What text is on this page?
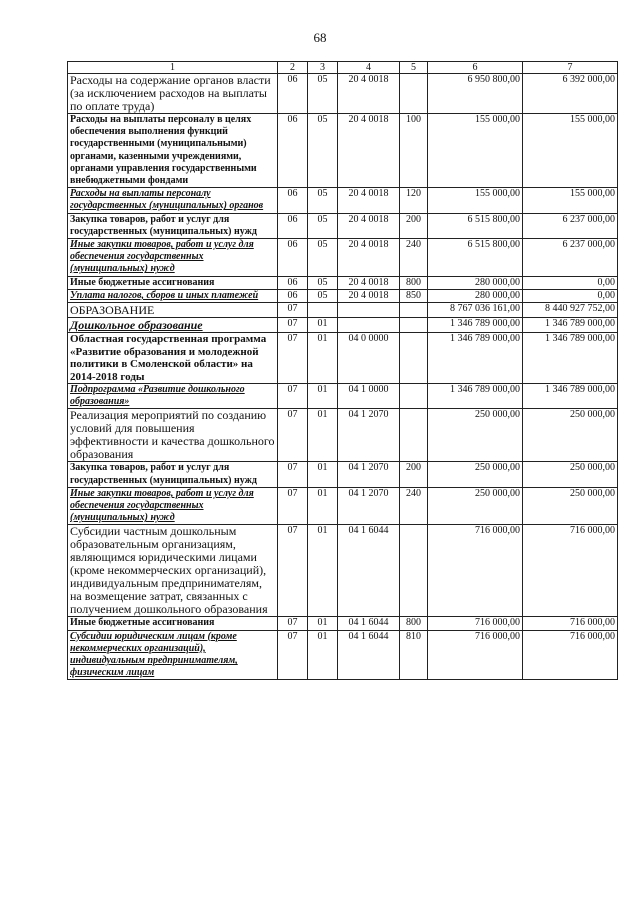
68
1	2	3	4	5	6	7
Расходы на содержание органов власти (за исключением расходов на выплаты по оплате труда)	06	05	20 4 0018		6 950 800,00	6 392 000,00
Расходы на выплаты персоналу в целях обеспечения выполнения функций государственными (муниципальными) органами, казенными учреждениями, органами управления государственными внебюджетными фондами	06	05	20 4 0018	100	155 000,00	155 000,00
Расходы на выплаты персоналу государственных (муниципальных) органов	06	05	20 4 0018	120	155 000,00	155 000,00
Закупка товаров, работ и услуг для государственных (муниципальных) нужд	06	05	20 4 0018	200	6 515 800,00	6 237 000,00
Иные закупки товаров, работ и услуг для обеспечения государственных (муниципальных) нужд	06	05	20 4 0018	240	6 515 800,00	6 237 000,00
Иные бюджетные ассигнования	06	05	20 4 0018	800	280 000,00	0,00
Уплата налогов, сборов и иных платежей	06	05	20 4 0018	850	280 000,00	0,00
ОБРАЗОВАНИЕ	07				8 767 036 161,00	8 440 927 752,00
Дошкольное образование	07	01			1 346 789 000,00	1 346 789 000,00
Областная государственная программа «Развитие образования и молодежной политики в Смоленской области» на 2014-2018 годы	07	01	04 0 0000		1 346 789 000,00	1 346 789 000,00
Подпрограмма «Развитие дошкольного образования»	07	01	04 1 0000		1 346 789 000,00	1 346 789 000,00
Реализация мероприятий по созданию условий для повышения эффективности и качества дошкольного образования	07	01	04 1 2070		250 000,00	250 000,00
Закупка товаров, работ и услуг для государственных (муниципальных) нужд	07	01	04 1 2070	200	250 000,00	250 000,00
Иные закупки товаров, работ и услуг для обеспечения государственных (муниципальных) нужд	07	01	04 1 2070	240	250 000,00	250 000,00
Субсидии частным дошкольным образовательным организациям, являющимся юридическими лицами (кроме некоммерческих организаций), индивидуальным предпринимателям, на возмещение затрат, связанных с получением дошкольного образования	07	01	04 1 6044		716 000,00	716 000,00
Иные бюджетные ассигнования	07	01	04 1 6044	800	716 000,00	716 000,00
Субсидии юридическим лицам (кроме некоммерческих организаций), индивидуальным предпринимателям, физическим лицам	07	01	04 1 6044	810	716 000,00	716 000,00
